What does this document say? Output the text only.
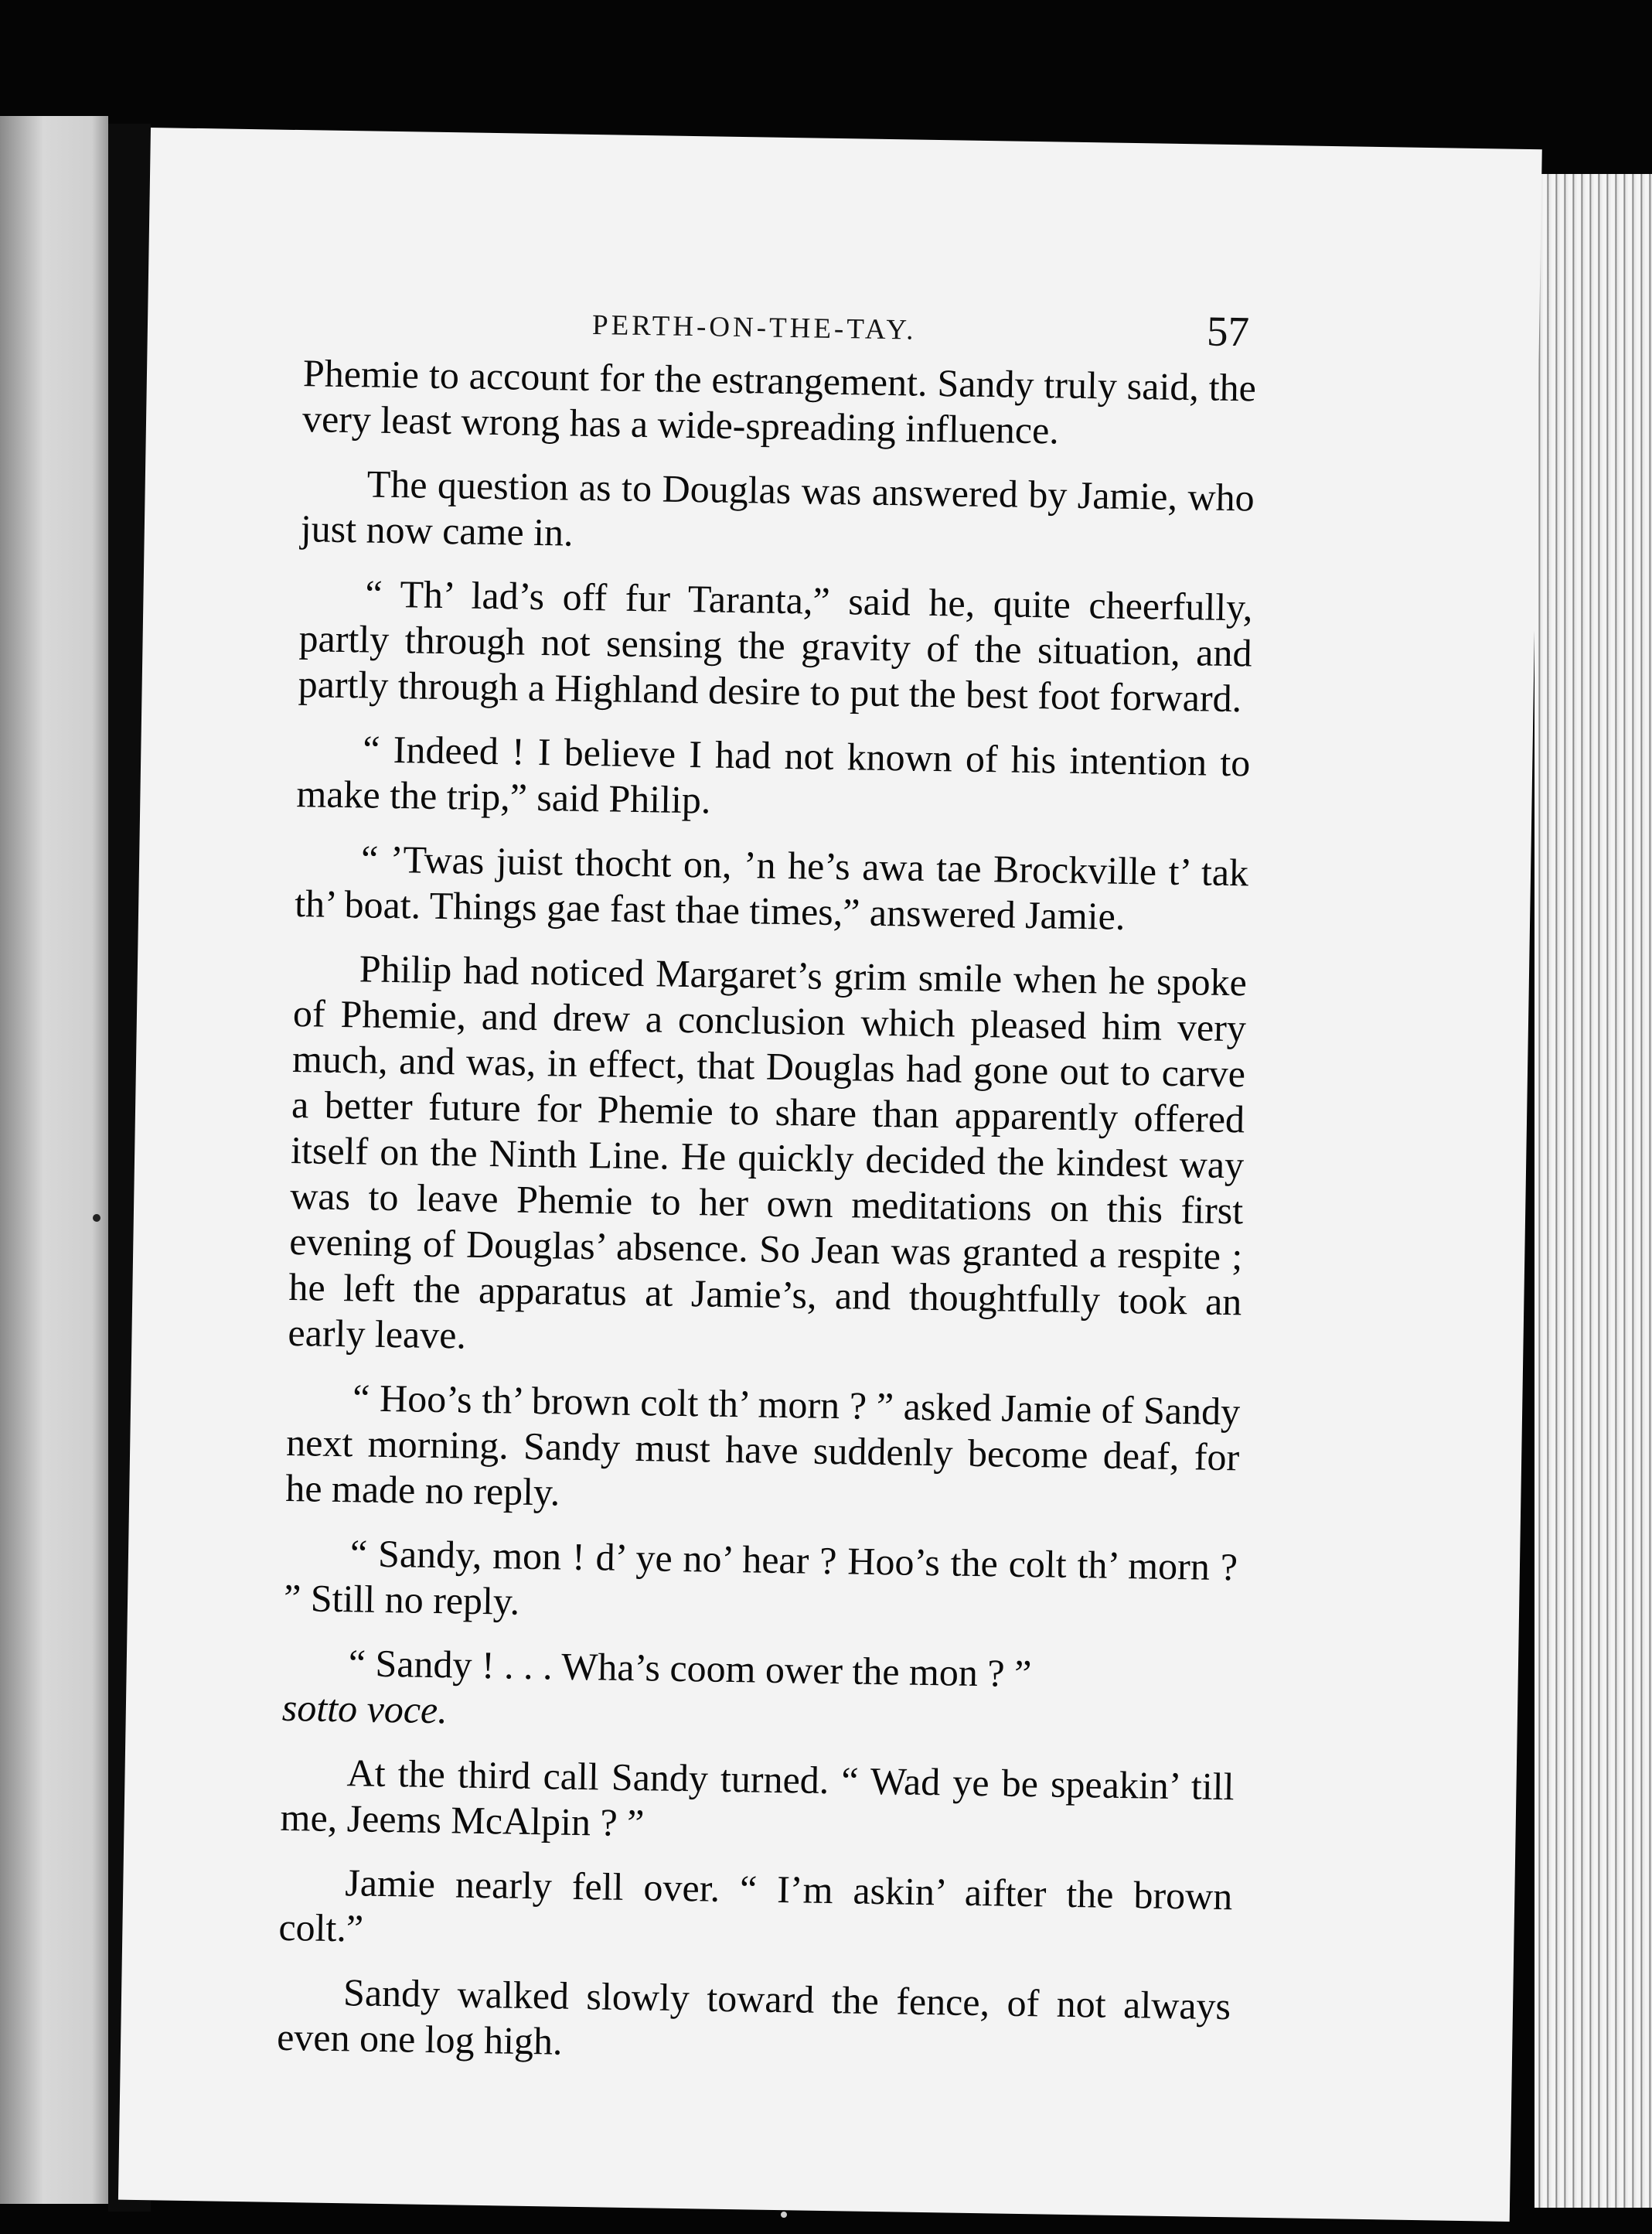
PERTH-ON-THE-TAY.	57

Phemie to account for the estrangement. Sandy truly said, the very least wrong has a wide-spreading influence.

The question as to Douglas was answered by Jamie, who just now came in.

“ Th’ lad’s off fur Taranta,” said he, quite cheerfully, partly through not sensing the gravity of the situation, and partly through a Highland desire to put the best foot forward.

“ Indeed ! I believe I had not known of his intention to make the trip,” said Philip.

“ ’Twas juist thocht on, ’n he’s awa tae Brockville t’ tak th’ boat. Things gae fast thae times,” answered Jamie.

Philip had noticed Margaret’s grim smile when he spoke of Phemie, and drew a conclusion which pleased him very much, and was, in effect, that Douglas had gone out to carve a better future for Phemie to share than apparently offered itself on the Ninth Line. He quickly decided the kindest way was to leave Phemie to her own meditations on this first evening of Douglas’ absence. So Jean was granted a respite ; he left the apparatus at Jamie’s, and thoughtfully took an early leave.

“ Hoo’s th’ brown colt th’ morn ? ” asked Jamie of Sandy next morning. Sandy must have suddenly become deaf, for he made no reply.

“ Sandy, mon ! d’ ye no’ hear ? Hoo’s the colt th’ morn ? ” Still no reply.

“ Sandy ! . . . Wha’s coom ower the mon ? ”
sotto voce.

At the third call Sandy turned. “ Wad ye be speakin’ till me, Jeems McAlpin ? ”

Jamie nearly fell over. “ I’m askin’ aifter the brown colt.”

Sandy walked slowly toward the fence, of not always even one log high.
